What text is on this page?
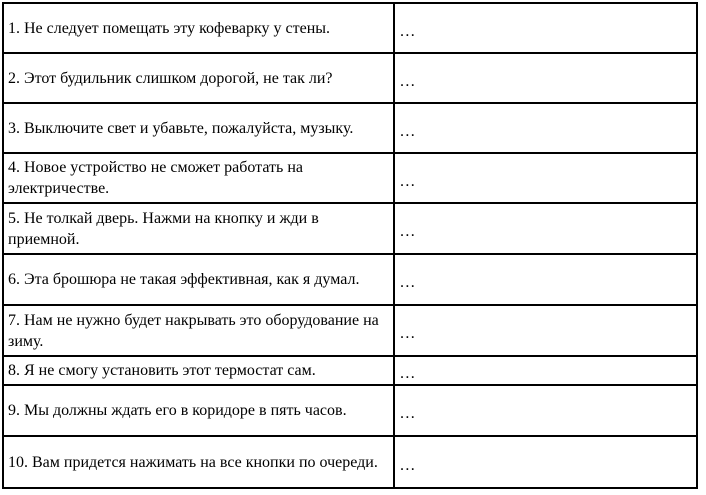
1. Не следует помещать эту кофеварку у стены.	…
2. Этот будильник слишком дорогой, не так ли?	…
3. Выключите свет и убавьте, пожалуйста, музыку.	…
4. Новое устройство не сможет работать на электричестве.	…
5. Не толкай дверь. Нажми на кнопку и жди в приемной.	…
6. Эта брошюра не такая эффективная, как я думал.	…
7. Нам не нужно будет накрывать это оборудование на зиму.	…
8. Я не смогу установить этот термостат сам.	…
9. Мы должны ждать его в коридоре в пять часов.	…
10. Вам придется нажимать на все кнопки по очереди.	…
